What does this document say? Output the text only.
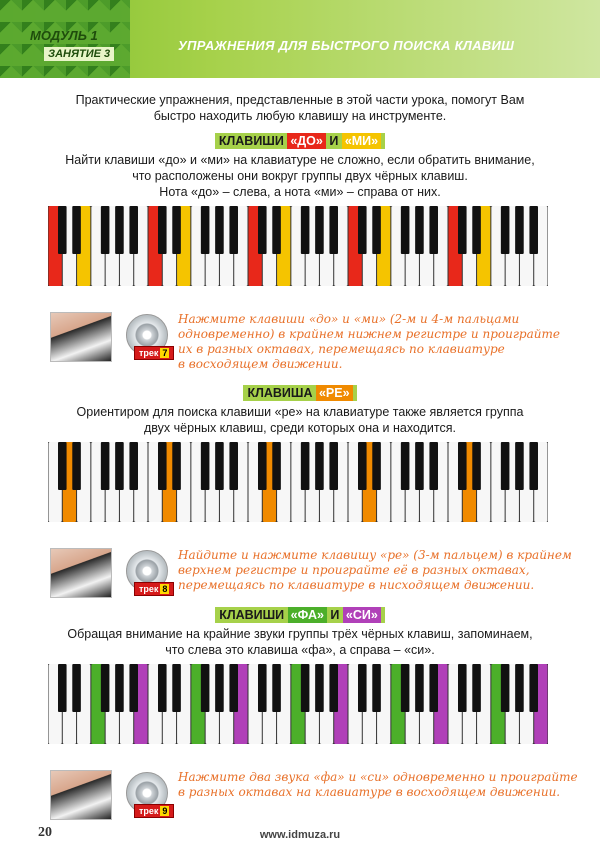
МОДУЛЬ 1
ЗАНЯТИЕ 3
УПРАЖНЕНИЯ ДЛЯ БЫСТРОГО ПОИСКА КЛАВИШ
Практические упражнения, представленные в этой части урока, помогут Вам
быстро находить любую клавишу на инструменте.
КЛАВИШИ «ДО» И «МИ»
Найти клавиши «до» и «ми» на клавиатуре не сложно, если обратить внимание,
что расположены они вокруг группы двух чёрных клавиш.
Нота «до» – слева, а нота «ми» – справа от них.
трек 7
Нажмите клавиши «до» и «ми» (2-м и 4-м пальцами
одновременно) в крайнем нижнем регистре и проиграйте
их в разных октавах, перемещаясь по клавиатуре
в восходящем движении.
КЛАВИША «РЕ»
Ориентиром для поиска клавиши «ре» на клавиатуре также является группа
двух чёрных клавиш, среди которых она и находится.
трек 8
Найдите и нажмите клавишу «ре» (3-м пальцем) в крайнем
верхнем регистре и проиграйте её в разных октавах,
перемещаясь по клавиатуре в нисходящем движении.
КЛАВИШИ «ФА» И «СИ»
Обращая внимание на крайние звуки группы трёх чёрных клавиш, запоминаем,
что слева это клавиша «фа», а справа – «си».
трек 9
Нажмите два звука «фа» и «си» одновременно и проиграйте
в разных октавах на клавиатуре в восходящем движении.
20	www.idmuza.ru
